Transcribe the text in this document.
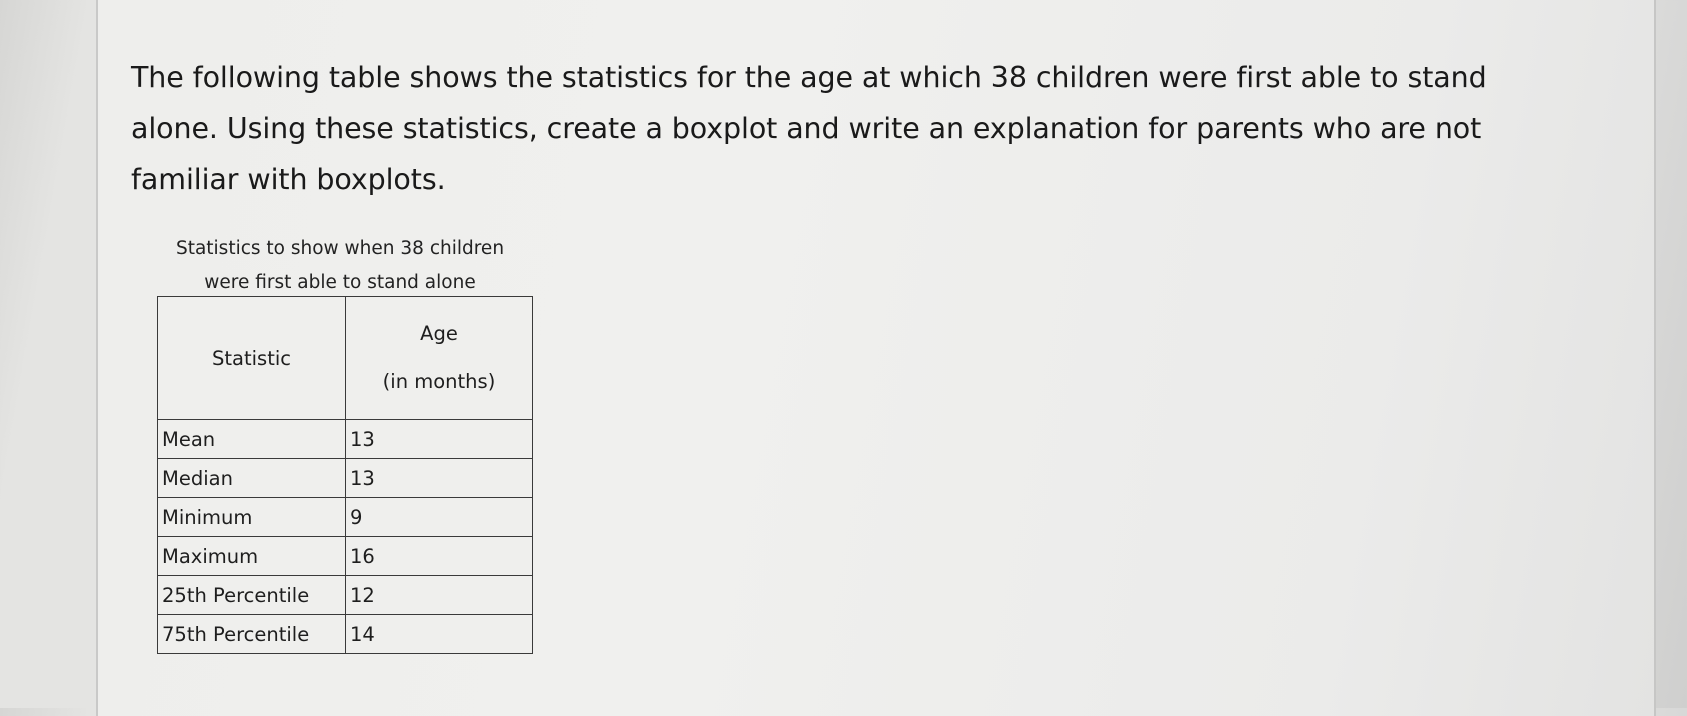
The following table shows the statistics for the age at which 38 children were first able to stand alone. Using these statistics, create a boxplot and write an explanation for parents who are not familiar with boxplots.

Statistics to show when 38 children
were first able to stand alone
Statistic	Age
(in months)

Mean	13
Median	13
Minimum	9
Maximum	16
25th Percentile	12
75th Percentile	14
